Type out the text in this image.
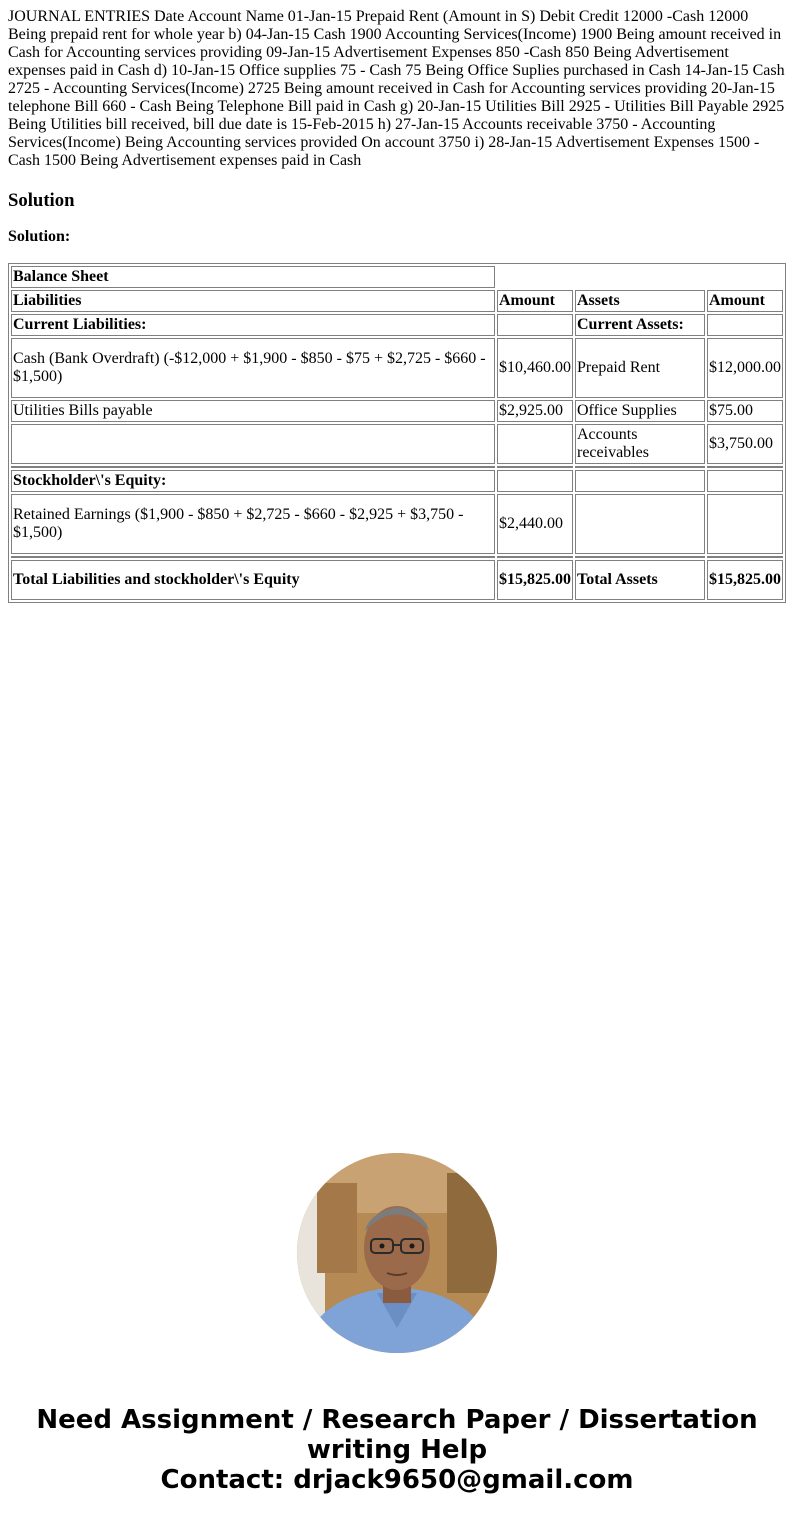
JOURNAL ENTRIES Date Account Name 01-Jan-15 Prepaid Rent (Amount in S) Debit Credit 12000 -Cash 12000 Being prepaid rent for whole year b) 04-Jan-15 Cash 1900 Accounting Services(Income) 1900 Being amount received in Cash for Accounting services providing 09-Jan-15 Advertisement Expenses 850 -Cash 850 Being Advertisement expenses paid in Cash d) 10-Jan-15 Office supplies 75 - Cash 75 Being Office Suplies purchased in Cash 14-Jan-15 Cash 2725 - Accounting Services(Income) 2725 Being amount received in Cash for Accounting services providing 20-Jan-15 telephone Bill 660 - Cash Being Telephone Bill paid in Cash g) 20-Jan-15 Utilities Bill 2925 - Utilities Bill Payable 2925 Being Utilities bill received, bill due date is 15-Feb-2015 h) 27-Jan-15 Accounts receivable 3750 - Accounting Services(Income) Being Accounting services provided On account 3750 i) 28-Jan-15 Advertisement Expenses 1500 - Cash 1500 Being Advertisement expenses paid in Cash

Solution
Solution:
Balance Sheet			
Liabilities	Amount	Assets	Amount
Current Liabilities:		Current Assets:	
Cash (Bank Overdraft) (-$12,000 + $1,900 - $850 - $75 + $2,725 - $660 - $1,500)	$10,460.00	Prepaid Rent	$12,000.00
Utilities Bills payable	$2,925.00	Office Supplies	$75.00
		Accounts receivables	$3,750.00

Stockholder\'s Equity:			
Retained Earnings ($1,900 - $850 + $2,725 - $660 - $2,925 + $3,750 - $1,500)	$2,440.00		

Total Liabilities and stockholder\'s Equity	$15,825.00	Total Assets	$15,825.00
Need Assignment / Research Paper / Dissertation writing Help
Contact: drjack9650@gmail.com
